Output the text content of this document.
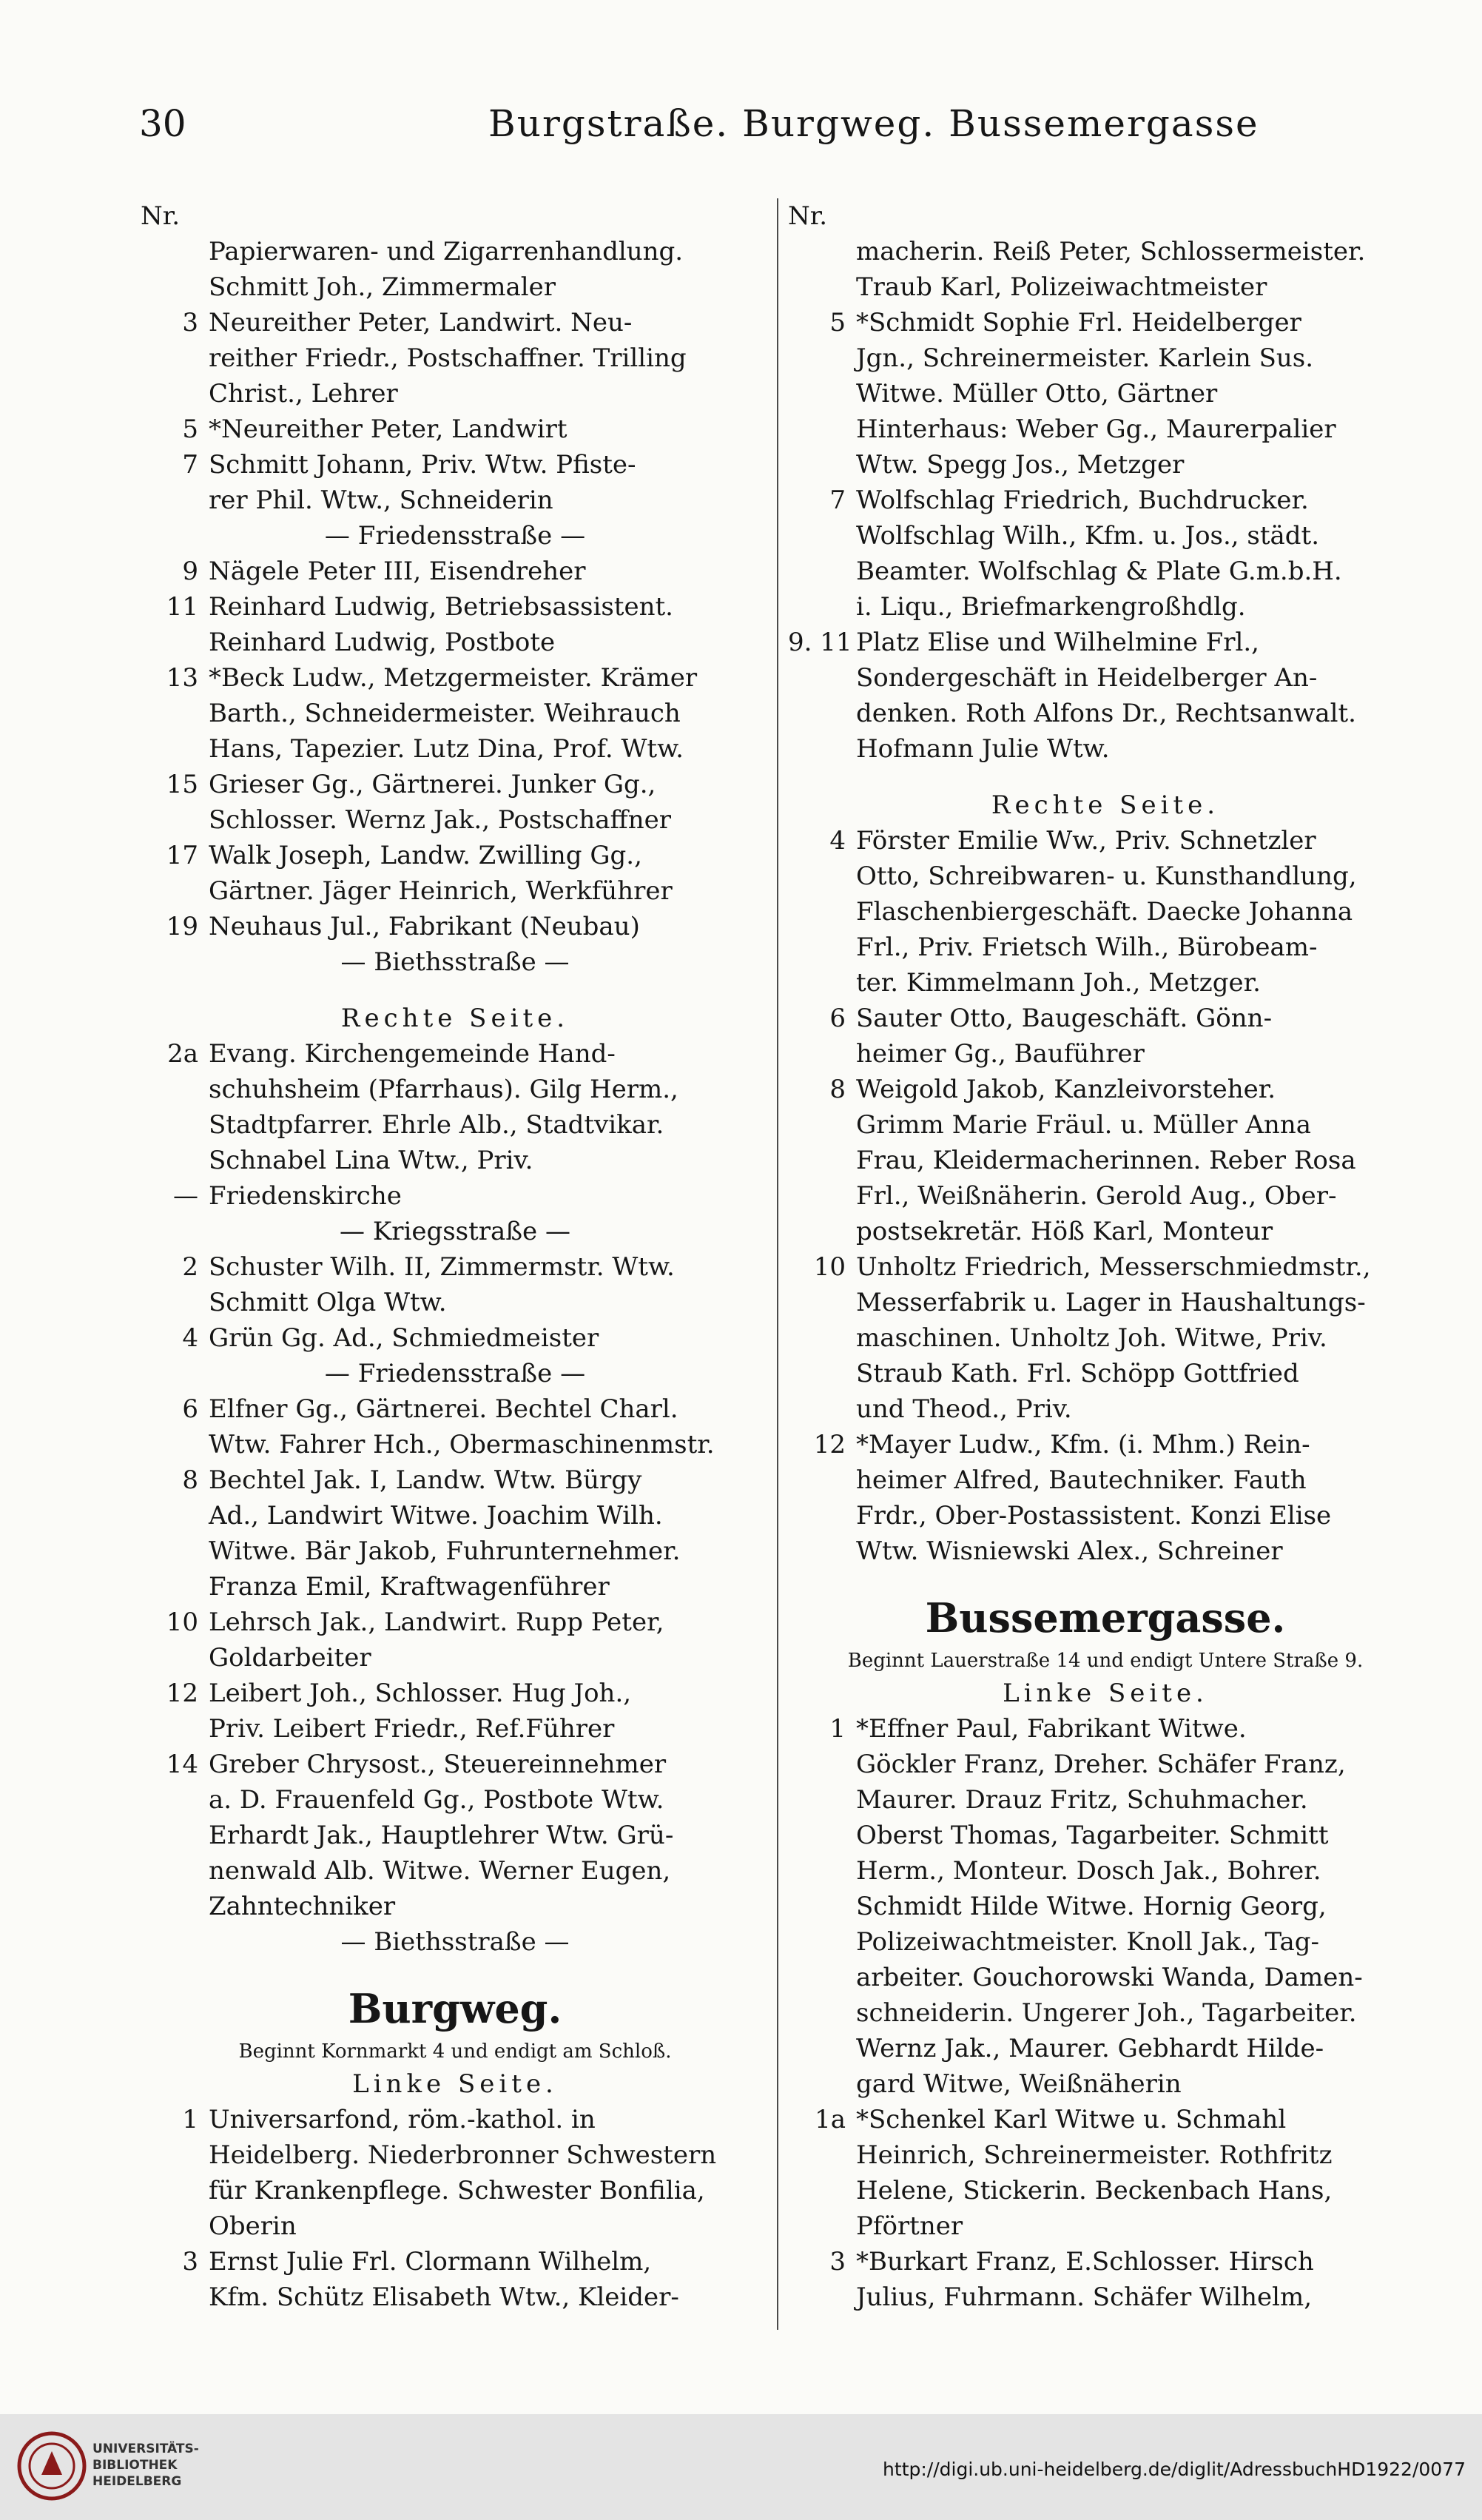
30	Burgstraße. Burgweg. Bussemergasse
Nr.
Papierwaren- und Zigarrenhandlung.
Schmitt Joh., Zimmermaler
3 Neureither Peter, Landwirt. Neu-
reither Friedr., Postschaffner. Trilling
Christ., Lehrer
5 *Neureither Peter, Landwirt
7 Schmitt Johann, Priv. Wtw. Pfiste-
rer Phil. Wtw., Schneiderin
— Friedensstraße —
9 Nägele Peter III, Eisendreher
11 Reinhard Ludwig, Betriebsassistent.
Reinhard Ludwig, Postbote
13 *Beck Ludw., Metzgermeister. Krämer
Barth., Schneidermeister. Weihrauch
Hans, Tapezier. Lutz Dina, Prof. Wtw.
15 Grieser Gg., Gärtnerei. Junker Gg.,
Schlosser. Wernz Jak., Postschaffner
17 Walk Joseph, Landw. Zwilling Gg.,
Gärtner. Jäger Heinrich, Werkführer
19 Neuhaus Jul., Fabrikant (Neubau)
— Biethsstraße —
Rechte Seite.
2a Evang. Kirchengemeinde Hand-
schuhsheim (Pfarrhaus). Gilg Herm.,
Stadtpfarrer. Ehrle Alb., Stadtvikar.
Schnabel Lina Wtw., Priv.
— Friedenskirche
— Kriegsstraße —
2 Schuster Wilh. II, Zimmermstr. Wtw.
Schmitt Olga Wtw.
4 Grün Gg. Ad., Schmiedmeister
— Friedensstraße —
6 Elfner Gg., Gärtnerei. Bechtel Charl.
Wtw. Fahrer Hch., Obermaschinenmstr.
8 Bechtel Jak. I, Landw. Wtw. Bürgy
Ad., Landwirt Witwe. Joachim Wilh.
Witwe. Bär Jakob, Fuhrunternehmer.
Franza Emil, Kraftwagenführer
10 Lehrsch Jak., Landwirt. Rupp Peter,
Goldarbeiter
12 Leibert Joh., Schlosser. Hug Joh.,
Priv. Leibert Friedr., Ref.Führer
14 Greber Chrysost., Steuereinnehmer
a. D. Frauenfeld Gg., Postbote Wtw.
Erhardt Jak., Hauptlehrer Wtw. Grü-
nenwald Alb. Witwe. Werner Eugen,
Zahntechniker
— Biethsstraße —
Burgweg.
Beginnt Kornmarkt 4 und endigt am Schloß.
Linke Seite.
1 Universarfond, röm.-kathol. in
Heidelberg. Niederbronner Schwestern
für Krankenpflege. Schwester Bonfilia,
Oberin
3 Ernst Julie Frl. Clormann Wilhelm,
Kfm. Schütz Elisabeth Wtw., Kleider-
Nr.
macherin. Reiß Peter, Schlossermeister.
Traub Karl, Polizeiwachtmeister
5 *Schmidt Sophie Frl. Heidelberger
Jgn., Schreinermeister. Karlein Sus.
Witwe. Müller Otto, Gärtner
Hinterhaus: Weber Gg., Maurerpalier
Wtw. Spegg Jos., Metzger
7 Wolfschlag Friedrich, Buchdrucker.
Wolfschlag Wilh., Kfm. u. Jos., städt.
Beamter. Wolfschlag & Plate G.m.b.H.
i. Liqu., Briefmarkengroßhdlg.
9. 11 Platz Elise und Wilhelmine Frl.,
Sondergeschäft in Heidelberger An-
denken. Roth Alfons Dr., Rechtsanwalt.
Hofmann Julie Wtw.
Rechte Seite.
4 Förster Emilie Ww., Priv. Schnetzler
Otto, Schreibwaren- u. Kunsthandlung,
Flaschenbiergeschäft. Daecke Johanna
Frl., Priv. Frietsch Wilh., Bürobeam-
ter. Kimmelmann Joh., Metzger.
6 Sauter Otto, Baugeschäft. Gönn-
heimer Gg., Bauführer
8 Weigold Jakob, Kanzleivorsteher.
Grimm Marie Fräul. u. Müller Anna
Frau, Kleidermacherinnen. Reber Rosa
Frl., Weißnäherin. Gerold Aug., Ober-
postsekretär. Höß Karl, Monteur
10 Unholtz Friedrich, Messerschmiedmstr.,
Messerfabrik u. Lager in Haushaltungs-
maschinen. Unholtz Joh. Witwe, Priv.
Straub Kath. Frl. Schöpp Gottfried
und Theod., Priv.
12 *Mayer Ludw., Kfm. (i. Mhm.) Rein-
heimer Alfred, Bautechniker. Fauth
Frdr., Ober-Postassistent. Konzi Elise
Wtw. Wisniewski Alex., Schreiner
Bussemergasse.
Beginnt Lauerstraße 14 und endigt Untere Straße 9.
Linke Seite.
1 *Effner Paul, Fabrikant Witwe.
Göckler Franz, Dreher. Schäfer Franz,
Maurer. Drauz Fritz, Schuhmacher.
Oberst Thomas, Tagarbeiter. Schmitt
Herm., Monteur. Dosch Jak., Bohrer.
Schmidt Hilde Witwe. Hornig Georg,
Polizeiwachtmeister. Knoll Jak., Tag-
arbeiter. Gouchorowski Wanda, Damen-
schneiderin. Ungerer Joh., Tagarbeiter.
Wernz Jak., Maurer. Gebhardt Hilde-
gard Witwe, Weißnäherin
1a *Schenkel Karl Witwe u. Schmahl
Heinrich, Schreinermeister. Rothfritz
Helene, Stickerin. Beckenbach Hans,
Pförtner
3 *Burkart Franz, E.Schlosser. Hirsch
Julius, Fuhrmann. Schäfer Wilhelm,
UNIVERSITÄTS-
BIBLIOTHEK
HEIDELBERG
http://digi.ub.uni-heidelberg.de/diglit/AdressbuchHD1922/0077
